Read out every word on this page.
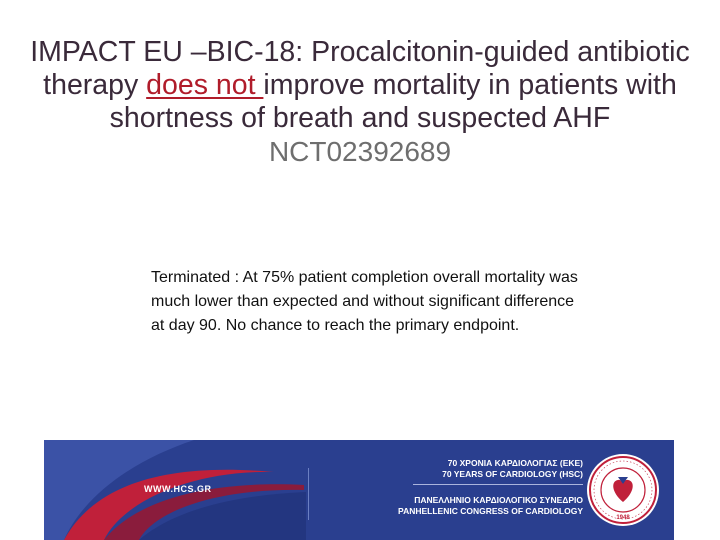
IMPACT EU –BIC-18: Procalcitonin-guided antibiotic therapy does not improve mortality in patients with shortness of breath and suspected AHF
NCT02392689
Terminated : At 75% patient completion overall mortality was much lower than expected and without significant difference at day 90. No chance to reach the primary endpoint.
WWW.HCS.GR
70 ΧΡΟΝΙΑ ΚΑΡΔΙΟΛΟΓΙΑΣ (ΕΚΕ)
70 YEARS OF CARDIOLOGY (HSC)
ΠΑΝΕΛΛΗΝΙΟ ΚΑΡΔΙΟΛΟΓΙΚΟ ΣΥΝΕΔΡΙΟ
PANHELLENIC CONGRESS OF CARDIOLOGY
1948
